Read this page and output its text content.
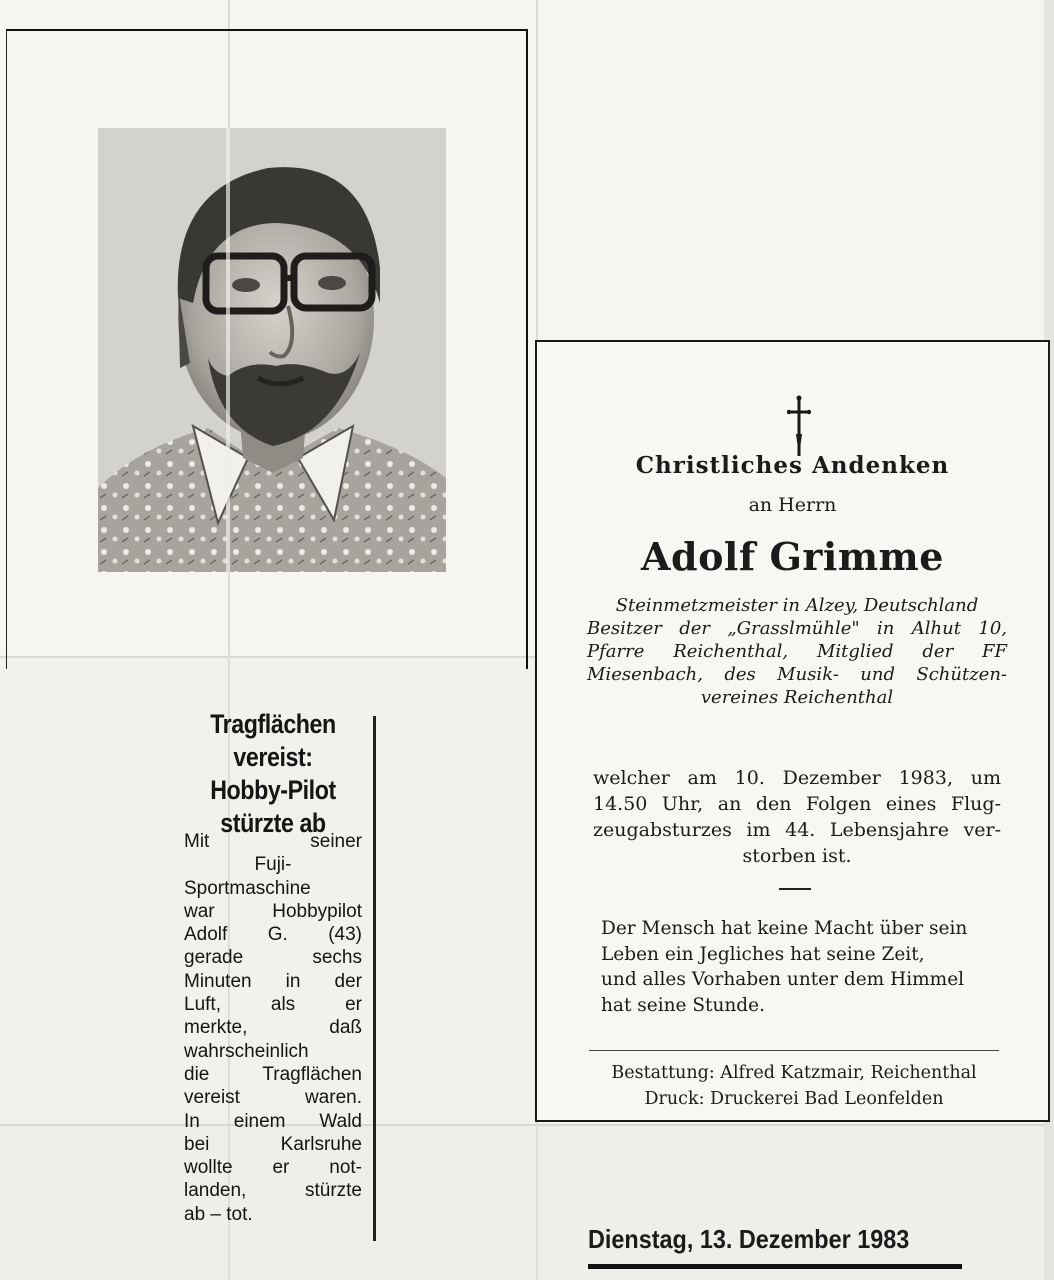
Tragflächen
vereist:
Hobby-Pilot
stürzte ab
Mit seiner
Fuji-
Sportmaschine
war Hobbypilot
Adolf G. (43)
gerade sechs
Minuten in der
Luft, als er
merkte, daß
wahrscheinlich
die Tragflächen
vereist waren.
In einem Wald
bei Karlsruhe
wollte er not-
landen, stürzte
ab – tot.
Christliches Andenken
an Herrn
Adolf Grimme
Steinmetzmeister in Alzey, Deutschland
Besitzer der „Grasslmühle" in Alhut 10,
Pfarre Reichenthal, Mitglied der FF
Miesenbach, des Musik- und Schützen-
vereines Reichenthal
welcher am 10. Dezember 1983, um
14.50 Uhr, an den Folgen eines Flug-
zeugabsturzes im 44. Lebensjahre ver-
storben ist.
Der Mensch hat keine Macht über sein
Leben ein Jegliches hat seine Zeit,
und alles Vorhaben unter dem Himmel
hat seine Stunde.
Bestattung: Alfred Katzmair, Reichenthal
Druck: Druckerei Bad Leonfelden
Dienstag, 13. Dezember 1983
